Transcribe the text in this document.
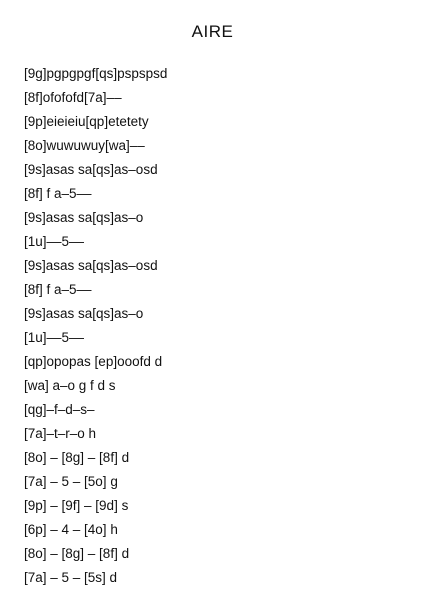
AIRE
[9g]pgpgpgf[qs]pspspsd
[8f]ofofofd[7a]––
[9p]eieieiu[qp]etetety
[8o]wuwuwuy[wa]––
[9s]asas sa[qs]as–osd
[8f] f a–5––
[9s]asas sa[qs]as–o
[1u]––5––
[9s]asas sa[qs]as–osd
[8f] f a–5––
[9s]asas sa[qs]as–o
[1u]––5––
[qp]opopas [ep]ooofd d
[wa] a–o g f d s
[qg]–f–d–s–
[7a]–t–r–o h
[8o] – [8g] – [8f] d
[7a] – 5 – [5o] g
[9p] – [9f] – [9d] s
[6p] – 4 – [4o] h
[8o] – [8g] – [8f] d
[7a] – 5 – [5s] d
